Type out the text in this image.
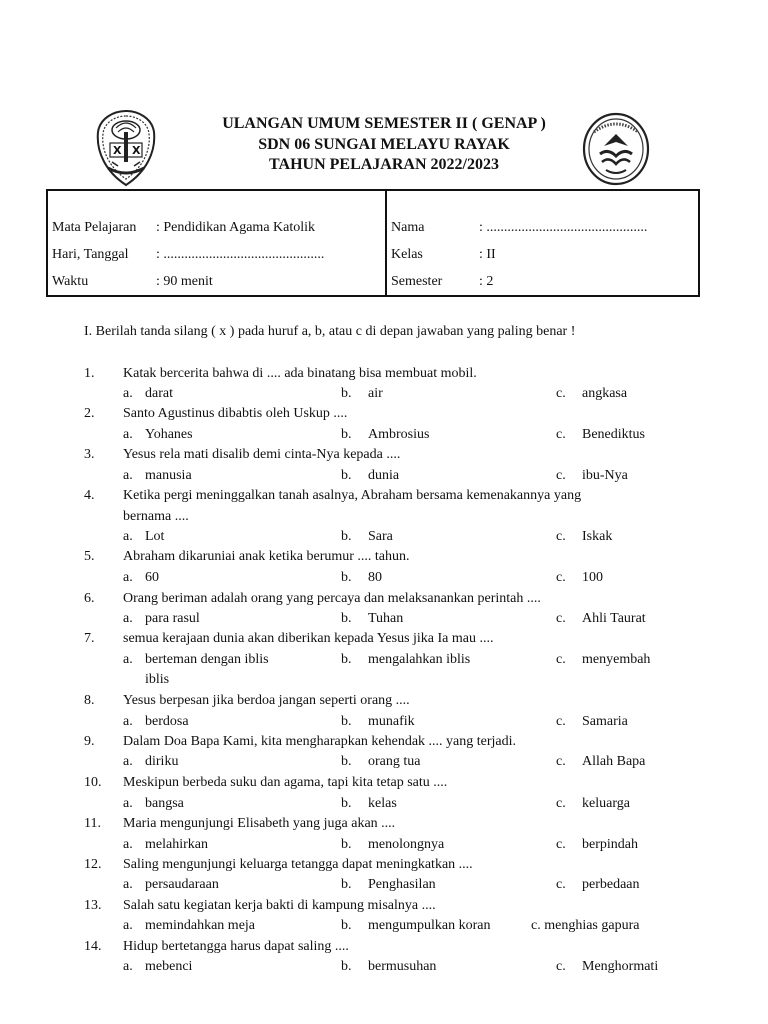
X X
ULANGAN UMUM SEMESTER II ( GENAP )
SDN 06 SUNGAI MELAYU RAYAK
TAHUN PELAJARAN 2022/2023
Mata Pelajaran : Pendidikan Agama Katolik
Hari, Tanggal : ..............................................
Waktu	: 90 menit
Nama	: ..............................................
Kelas	: II
Semester	: 2
I. Berilah tanda silang ( x ) pada huruf a, b, atau c di depan jawaban yang paling benar !
1. Katak bercerita bahwa di .... ada binatang bisa membuat mobil.
a. darat	b. air	c. angkasa
2. Santo Agustinus dibabtis oleh Uskup ....
a. Yohanes	b. Ambrosius	c. Benediktus
3. Yesus rela mati disalib demi cinta-Nya kepada ....
a. manusia	b. dunia	c. ibu-Nya
4. Ketika pergi meninggalkan tanah asalnya, Abraham bersama kemenakannya yang
bernama ....
a. Lot	b. Sara	c. Iskak
5. Abraham dikaruniai anak ketika berumur .... tahun.
a. 60	b. 80	c. 100
6. Orang beriman adalah orang yang percaya dan melaksanankan perintah ....
a. para rasul	b. Tuhan	c. Ahli Taurat
7. semua kerajaan dunia akan diberikan kepada Yesus jika Ia mau ....
a. berteman dengan iblis	b. mengalahkan iblis	c. menyembah
iblis
8. Yesus berpesan jika berdoa jangan seperti orang ....
a. berdosa	b. munafik	c. Samaria
9. Dalam Doa Bapa Kami, kita mengharapkan kehendak .... yang terjadi.
a. diriku	b. orang tua	c. Allah Bapa
10. Meskipun berbeda suku dan agama, tapi kita tetap satu ....
a. bangsa	b. kelas	c. keluarga
11. Maria mengunjungi Elisabeth yang juga akan ....
a. melahirkan	b. menolongnya	c. berpindah
12. Saling mengunjungi keluarga tetangga dapat meningkatkan ....
a. persaudaraan	b. Penghasilan	c. perbedaan
13. Salah satu kegiatan kerja bakti di kampung misalnya ....
a. memindahkan meja	b. mengumpulkan koran	c. menghias gapura
14. Hidup bertetangga harus dapat saling ....
a. mebenci	b. bermusuhan	c. Menghormati
